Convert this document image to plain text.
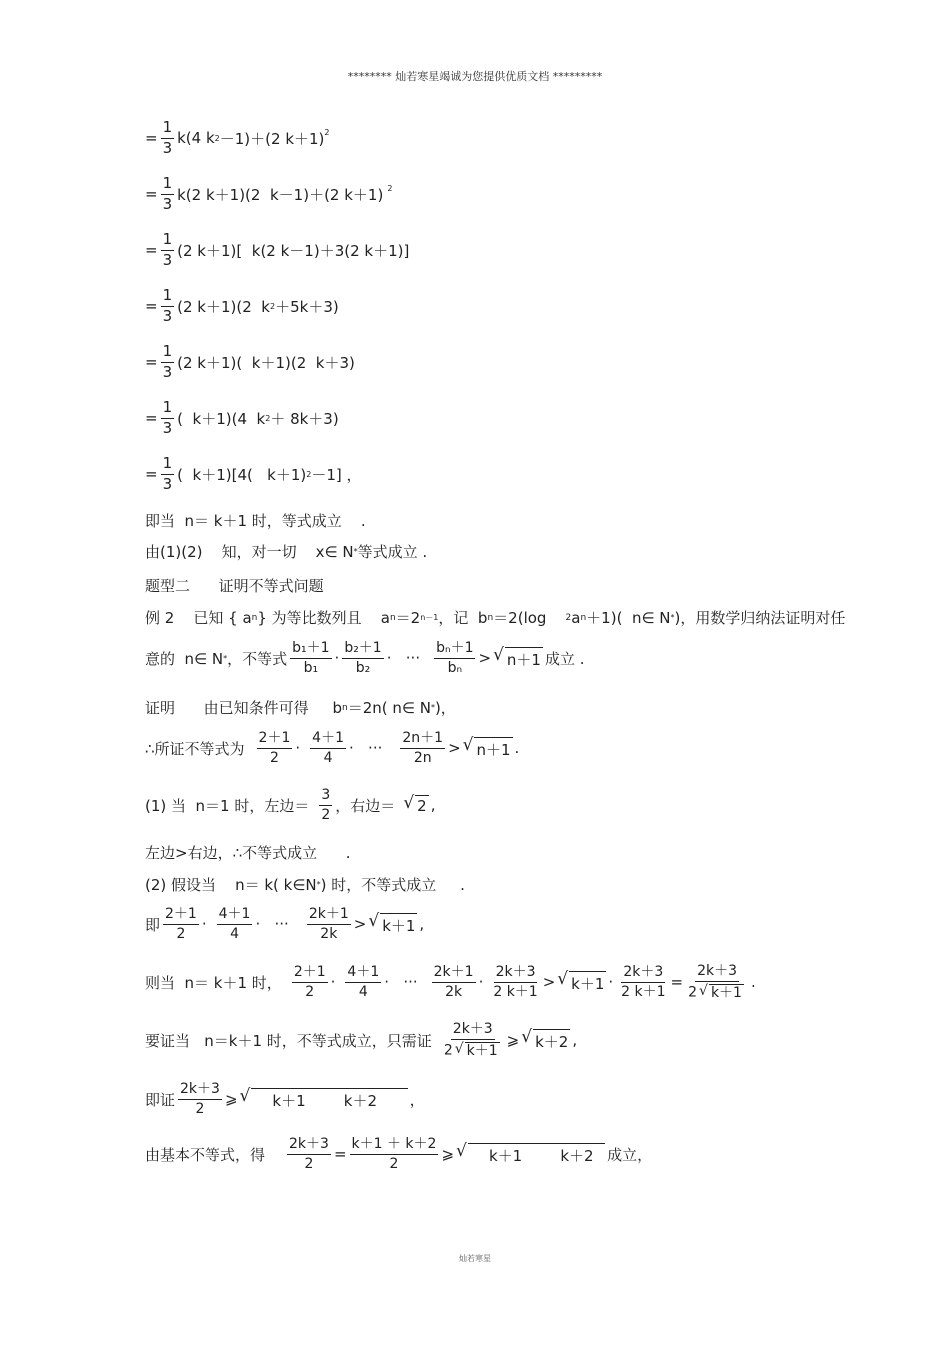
******** 灿若寒星竭诚为您提供优质文档 *********
= $\frac{1}{3} k(4$ k 2 －1)＋(2 k＋1)$^2$
= $\frac{1}{3} k(2$ k＋1)(2  k－1)＋(2 k＋1) $^2$
= $\frac{1}{3} (2$ k＋1)[  k(2 k－1)＋3(2 k＋1)]
= $\frac{1}{3} (2$ k＋1)(2  k 2 ＋5k＋3)
= $\frac{1}{3} (2$ k＋1)(  k＋1)(2  k＋3)
= $\frac{1}{3}$ (  k＋1)(4  k 2 ＋ 8k＋3)
= $\frac{1}{3}$ (  k＋1)[4(   k＋1) 2 －1] ，
即当  n＝ k＋1 时，等式成立    .
由(1)(2)    知，对一切    x∈ N * 等式成立 .
题型二      证明不等式问题
例 2    已知 { a n } 为等比数列且    a n ＝2 n－1 ，记  b n ＝2(log 2 a n ＋1)(  n∈ N * )，用数学归纳法证明对任
意的  n∈ N * ，不等式 $\frac{\text{b₁＋1}}{\text{b₁}} \cdot \frac{\text{b₂＋1}}{\text{b₂}}$ ·   ··· $\frac{\text{bₙ＋1}}{\text{bₙ}}$ > √ n＋1 成立 .
证明      由已知条件可得     b n ＝2n( n∈ N * )，
∴所证不等式为 $\frac{2+1}{2} \cdot \frac{4+1}{4}$ ·   ··· $\frac{2n+1}{2n}$ > √ n＋1 .
(1) 当  n＝1 时，左边＝ $\frac{3}{2}$ ，右边＝ √ 2 ,
左边>右边，∴不等式成立      .
(2) 假设当    n＝ k( k∈N * ) 时，不等式成立     .
即 $\frac{2+1}{2} \cdot \frac{4+1}{4}$ ·   ··· $\frac{2k+1}{2k}$ > √ k＋1 ,
则当  n＝ k＋1 时， $\frac{2+1}{2} \cdot \frac{4+1}{4}$ ·   ··· $\frac{2k+1}{2k} \cdot \frac{2k+3}{2 k+1}$ > √ $k+1 \cdot \frac{2k+3}{2 k+1} = \frac{2k+3}{2 √ k+1}$ .
要证当   n＝k＋1 时，不等式成立，只需证 $\frac{2k+3}{2 √ k+1}$ ⩾ √ k＋2 ,
即证 $\frac{2k+3}{2}$ ⩾ √ k＋1        k＋2 ，
由基本不等式，得 $\frac{2k+3}{2} = \frac{k+1 + k+2}{2}$ ⩾ √ k＋1        k＋2 成立，
灿若寒星
